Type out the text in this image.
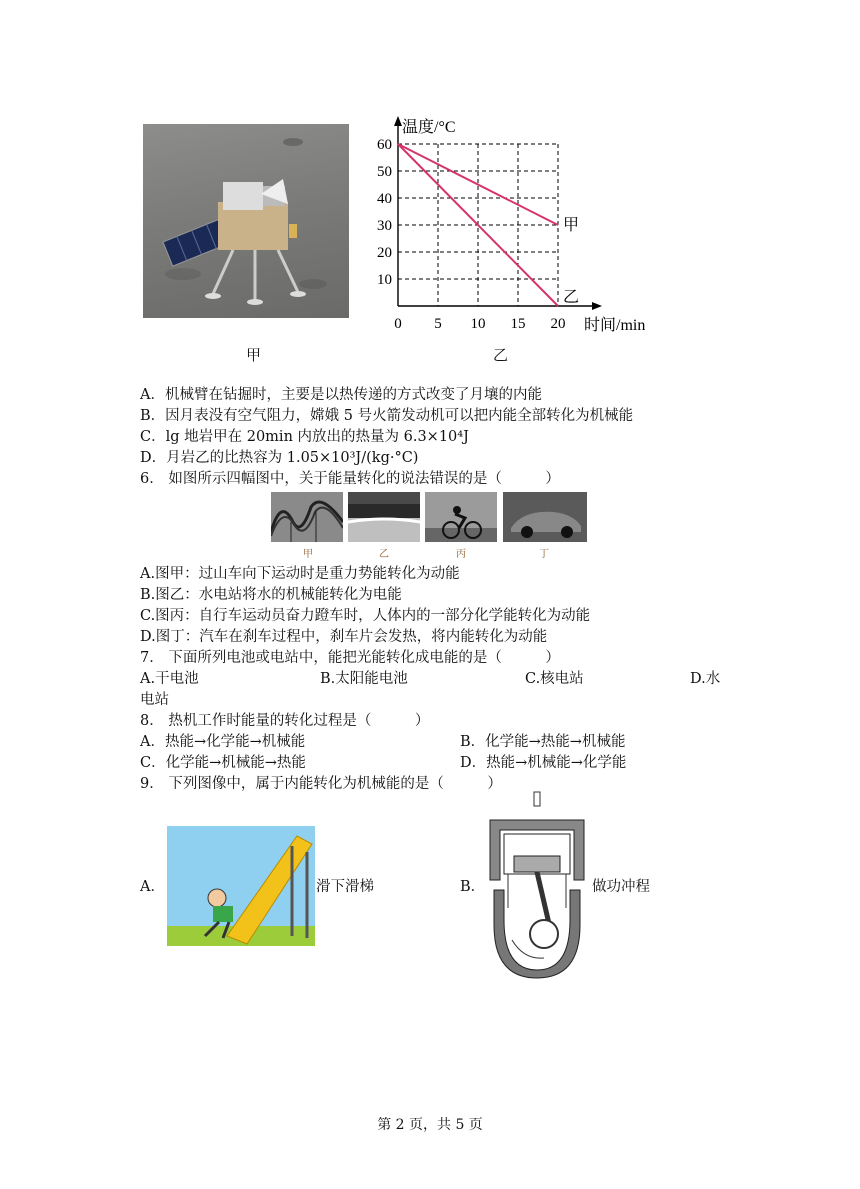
甲
温度/°C
时间/min
10
20
30
40
50
60
0 5 10 15 20
甲
乙
乙
A．机械臂在钻掘时，主要是以热传递的方式改变了月壤的内能
B．因月表没有空气阻力，嫦娥 5 号火箭发动机可以把内能全部转化为机械能
C．lg 地岩甲在 20min 内放出的热量为 6.3×10⁴J
D．月岩乙的比热容为 1.05×10³J/(kg·°C)
6． 如图所示四幅图中，关于能量转化的说法错误的是（　　　）
甲	乙	丙	丁
A.图甲：过山车向下运动时是重力势能转化为动能
B.图乙：水电站将水的机械能转化为电能
C.图丙：自行车运动员奋力蹬车时，人体内的一部分化学能转化为动能
D.图丁：汽车在刹车过程中，刹车片会发热，将内能转化为动能
7． 下面所列电池或电站中，能把光能转化成电能的是（　　　）
A.干电池	B.太阳能电池	C.核电站	D.水
电站
8． 热机工作时能量的转化过程是（　　　）
A．热能→化学能→机械能	B．化学能→热能→机械能
C．化学能→机械能→热能	D．热能→机械能→化学能
9． 下列图像中，属于内能转化为机械能的是（　　　）
A．	滑下滑梯	B．	做功冲程
第 2 页，共 5 页
